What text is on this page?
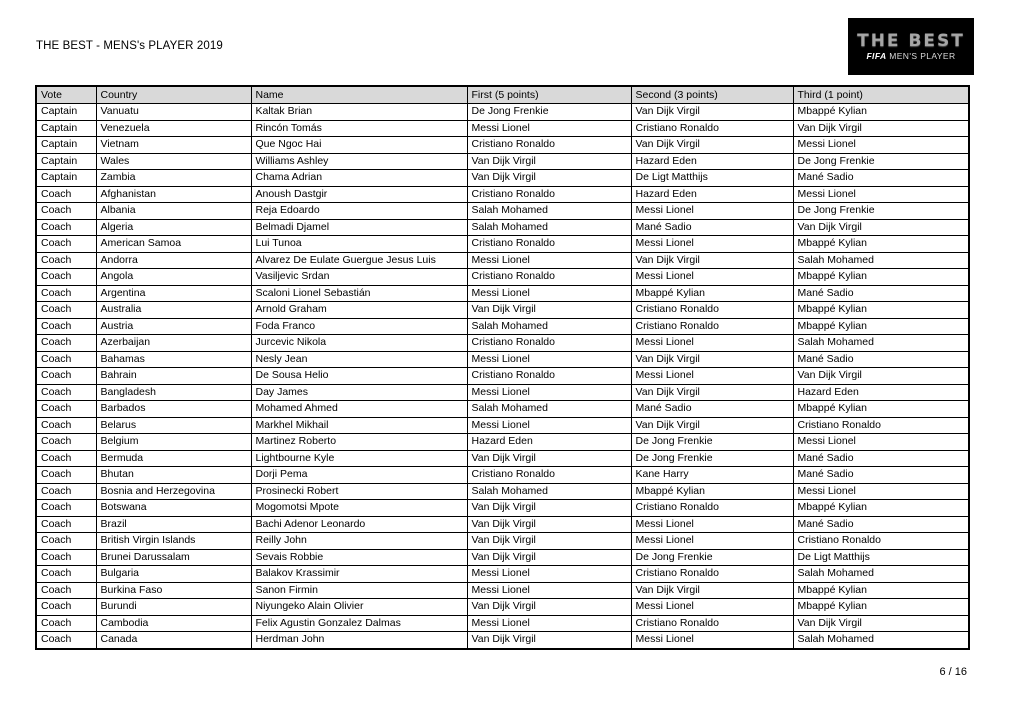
THE BEST - MENS's PLAYER 2019	THE BEST
FIFA MEN'S PLAYER
Vote	Country	Name	First (5 points)	Second (3 points)	Third (1 point)
Captain	Vanuatu	Kaltak Brian	De Jong Frenkie	Van Dijk Virgil	Mbappé Kylian
Captain	Venezuela	Rincón Tomás	Messi Lionel	Cristiano Ronaldo	Van Dijk Virgil
Captain	Vietnam	Que Ngoc Hai	Cristiano Ronaldo	Van Dijk Virgil	Messi Lionel
Captain	Wales	Williams Ashley	Van Dijk Virgil	Hazard Eden	De Jong Frenkie
Captain	Zambia	Chama Adrian	Van Dijk Virgil	De Ligt Matthijs	Mané Sadio
Coach	Afghanistan	Anoush Dastgir	Cristiano Ronaldo	Hazard Eden	Messi Lionel
Coach	Albania	Reja Edoardo	Salah Mohamed	Messi Lionel	De Jong Frenkie
Coach	Algeria	Belmadi Djamel	Salah Mohamed	Mané Sadio	Van Dijk Virgil
Coach	American Samoa	Lui Tunoa	Cristiano Ronaldo	Messi Lionel	Mbappé Kylian
Coach	Andorra	Alvarez De Eulate Guergue Jesus Luis	Messi Lionel	Van Dijk Virgil	Salah Mohamed
Coach	Angola	Vasiljevic Srdan	Cristiano Ronaldo	Messi Lionel	Mbappé Kylian
Coach	Argentina	Scaloni Lionel Sebastián	Messi Lionel	Mbappé Kylian	Mané Sadio
Coach	Australia	Arnold Graham	Van Dijk Virgil	Cristiano Ronaldo	Mbappé Kylian
Coach	Austria	Foda Franco	Salah Mohamed	Cristiano Ronaldo	Mbappé Kylian
Coach	Azerbaijan	Jurcevic Nikola	Cristiano Ronaldo	Messi Lionel	Salah Mohamed
Coach	Bahamas	Nesly Jean	Messi Lionel	Van Dijk Virgil	Mané Sadio
Coach	Bahrain	De Sousa Helio	Cristiano Ronaldo	Messi Lionel	Van Dijk Virgil
Coach	Bangladesh	Day James	Messi Lionel	Van Dijk Virgil	Hazard Eden
Coach	Barbados	Mohamed Ahmed	Salah Mohamed	Mané Sadio	Mbappé Kylian
Coach	Belarus	Markhel Mikhail	Messi Lionel	Van Dijk Virgil	Cristiano Ronaldo
Coach	Belgium	Martinez Roberto	Hazard Eden	De Jong Frenkie	Messi Lionel
Coach	Bermuda	Lightbourne Kyle	Van Dijk Virgil	De Jong Frenkie	Mané Sadio
Coach	Bhutan	Dorji Pema	Cristiano Ronaldo	Kane Harry	Mané Sadio
Coach	Bosnia and Herzegovina	Prosinecki Robert	Salah Mohamed	Mbappé Kylian	Messi Lionel
Coach	Botswana	Mogomotsi Mpote	Van Dijk Virgil	Cristiano Ronaldo	Mbappé Kylian
Coach	Brazil	Bachi Adenor Leonardo	Van Dijk Virgil	Messi Lionel	Mané Sadio
Coach	British Virgin Islands	Reilly John	Van Dijk Virgil	Messi Lionel	Cristiano Ronaldo
Coach	Brunei Darussalam	Sevais Robbie	Van Dijk Virgil	De Jong Frenkie	De Ligt Matthijs
Coach	Bulgaria	Balakov Krassimir	Messi Lionel	Cristiano Ronaldo	Salah Mohamed
Coach	Burkina Faso	Sanon Firmin	Messi Lionel	Van Dijk Virgil	Mbappé Kylian
Coach	Burundi	Niyungeko Alain Olivier	Van Dijk Virgil	Messi Lionel	Mbappé Kylian
Coach	Cambodia	Felix Agustin Gonzalez Dalmas	Messi Lionel	Cristiano Ronaldo	Van Dijk Virgil
Coach	Canada	Herdman John	Van Dijk Virgil	Messi Lionel	Salah Mohamed
6 / 16
